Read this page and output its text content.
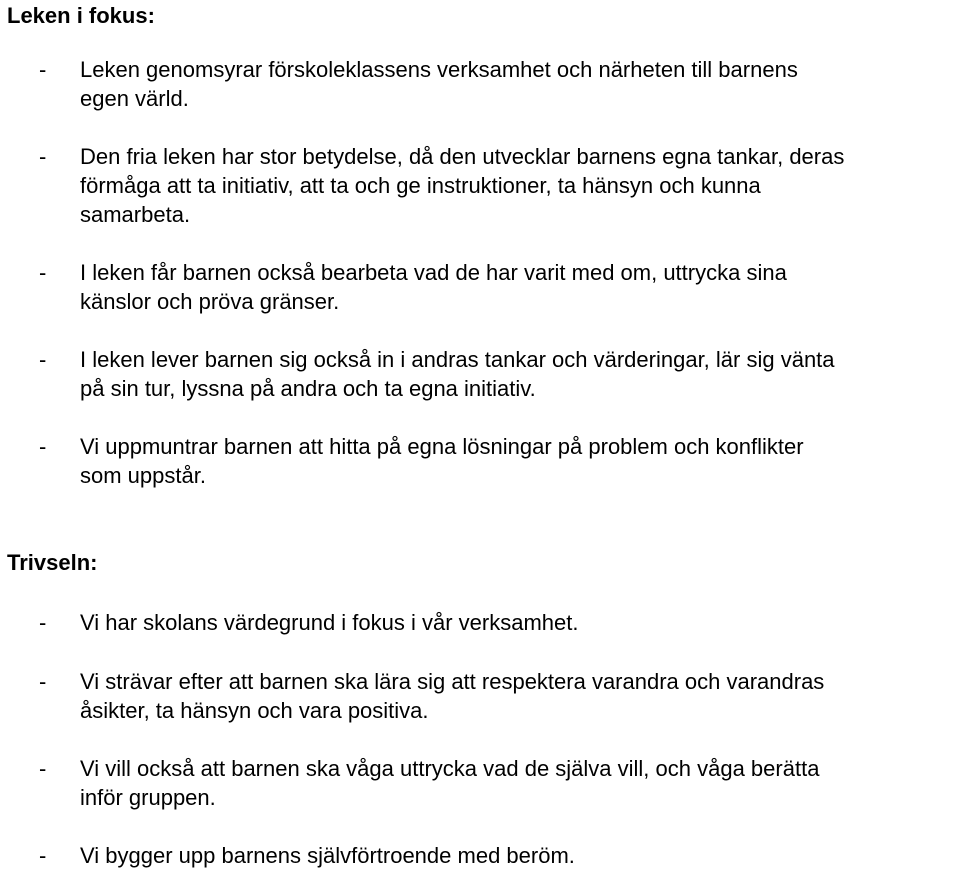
Leken i fokus:
- Leken genomsyrar förskoleklassens verksamhet och närheten till barnens
egen värld.
- Den fria leken har stor betydelse, då den utvecklar barnens egna tankar, deras
förmåga att ta initiativ, att ta och ge instruktioner, ta hänsyn och kunna
samarbeta.
- I leken får barnen också bearbeta vad de har varit med om, uttrycka sina
känslor och pröva gränser.
- I leken lever barnen sig också in i andras tankar och värderingar, lär sig vänta
på sin tur, lyssna på andra och ta egna initiativ.
- Vi uppmuntrar barnen att hitta på egna lösningar på problem och konflikter
som uppstår.
Trivseln:
- Vi har skolans värdegrund i fokus i vår verksamhet.
- Vi strävar efter att barnen ska lära sig att respektera varandra och varandras
åsikter, ta hänsyn och vara positiva.
- Vi vill också att barnen ska våga uttrycka vad de själva vill, och våga berätta
inför gruppen.
- Vi bygger upp barnens självförtroende med beröm.
